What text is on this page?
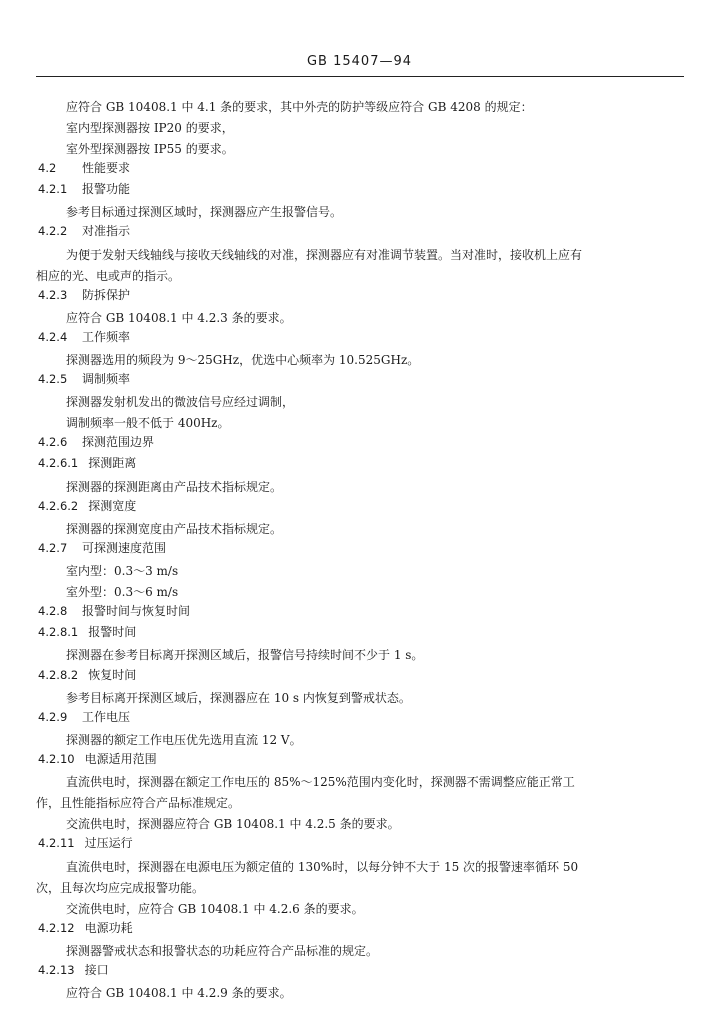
GB 15407—94
应符合 GB 10408.1 中 4.1 条的要求，其中外壳的防护等级应符合 GB 4208 的规定：
室内型探测器按 IP20 的要求，
室外型探测器按 IP55 的要求。
4.2 性能要求
4.2.1 报警功能
参考目标通过探测区域时，探测器应产生报警信号。
4.2.2 对准指示
为便于发射天线轴线与接收天线轴线的对准，探测器应有对准调节装置。当对准时，接收机上应有
相应的光、电或声的指示。
4.2.3 防拆保护
应符合 GB 10408.1 中 4.2.3 条的要求。
4.2.4 工作频率
探测器选用的频段为 9～25GHz，优选中心频率为 10.525GHz。
4.2.5 调制频率
探测器发射机发出的微波信号应经过调制，
调制频率一般不低于 400Hz。
4.2.6 探测范围边界
4.2.6.1 探测距离
探测器的探测距离由产品技术指标规定。
4.2.6.2 探测宽度
探测器的探测宽度由产品技术指标规定。
4.2.7 可探测速度范围
室内型：0.3～3 m/s
室外型：0.3～6 m/s
4.2.8 报警时间与恢复时间
4.2.8.1 报警时间
探测器在参考目标离开探测区域后，报警信号持续时间不少于 1 s。
4.2.8.2 恢复时间
参考目标离开探测区域后，探测器应在 10 s 内恢复到警戒状态。
4.2.9 工作电压
探测器的额定工作电压优先选用直流 12 V。
4.2.10 电源适用范围
直流供电时，探测器在额定工作电压的 85%～125%范围内变化时，探测器不需调整应能正常工
作，且性能指标应符合产品标准规定。
交流供电时，探测器应符合 GB 10408.1 中 4.2.5 条的要求。
4.2.11 过压运行
直流供电时，探测器在电源电压为额定值的 130%时，以每分钟不大于 15 次的报警速率循环 50
次，且每次均应完成报警功能。
交流供电时，应符合 GB 10408.1 中 4.2.6 条的要求。
4.2.12 电源功耗
探测器警戒状态和报警状态的功耗应符合产品标准的规定。
4.2.13 接口
应符合 GB 10408.1 中 4.2.9 条的要求。
